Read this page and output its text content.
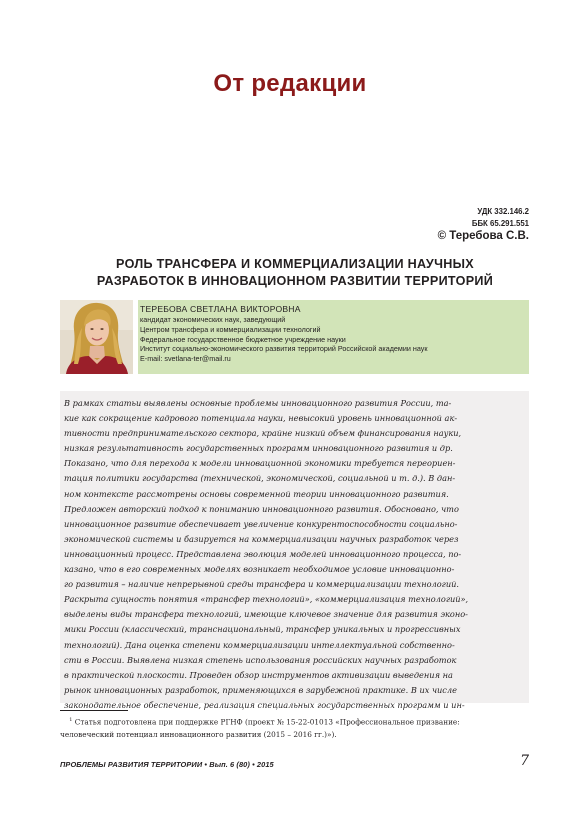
От редакции
УДК 332.146.2
ББК 65.291.551
© Теребова С.В.
РОЛЬ ТРАНСФЕРА И КОММЕРЦИАЛИЗАЦИИ НАУЧНЫХ
РАЗРАБОТОК В ИННОВАЦИОННОМ РАЗВИТИИ ТЕРРИТОРИЙ
ТЕРЕБОВА СВЕТЛАНА ВИКТОРОВНА
кандидат экономических наук, заведующий
Центром трансфера и коммерциализации технологий
Федеральное государственное бюджетное учреждение науки
Институт социально-экономического развития территорий Российской академии наук
E-mail: svetlana-ter@mail.ru
В рамках статьи выявлены основные проблемы инновационного развития России, та-
кие как сокращение кадрового потенциала науки, невысокий уровень инновационной ак-
тивности предпринимательского сектора, крайне низкий объем финансирования науки,
низкая результативность государственных программ инновационного развития и др.
Показано, что для перехода к модели инновационной экономики требуется переориен-
тация политики государства (технической, экономической, социальной и т. д.). В дан-
ном контексте рассмотрены основы современной теории инновационного развития.
Предложен авторский подход к пониманию инновационного развития. Обосновано, что
инновационное развитие обеспечивает увеличение конкурентоспособности социально-
экономической системы и базируется на коммерциализации научных разработок через
инновационный процесс. Представлена эволюция моделей инновационного процесса, по-
казано, что в его современных моделях возникает необходимое условие инновационно-
го развития – наличие непрерывной среды трансфера и коммерциализации технологий.
Раскрыта сущность понятия «трансфер технологий», «коммерциализация технологий»,
выделены виды трансфера технологий, имеющие ключевое значение для развития эконо-
мики России (классический, транснациональный, трансфер уникальных и прогрессивных
технологий). Дана оценка степени коммерциализации интеллектуальной собственно-
сти в России. Выявлена низкая степень использования российских научных разработок
в практической плоскости. Проведен обзор инструментов активизации выведения на
рынок инновационных разработок, применяющихся в зарубежной практике. В их числе
законодательное обеспечение, реализация специальных государственных программ и ин-
$^1$ Статья подготовлена при поддержке РГНФ (проект № 15-22-01013 «Профессиональное призвание:
человеческий потенциал инновационного развития (2015 – 2016 гг.)»).
ПРОБЛЕМЫ РАЗВИТИЯ ТЕРРИТОРИИ • Вып. 6 (80) • 2015	7
